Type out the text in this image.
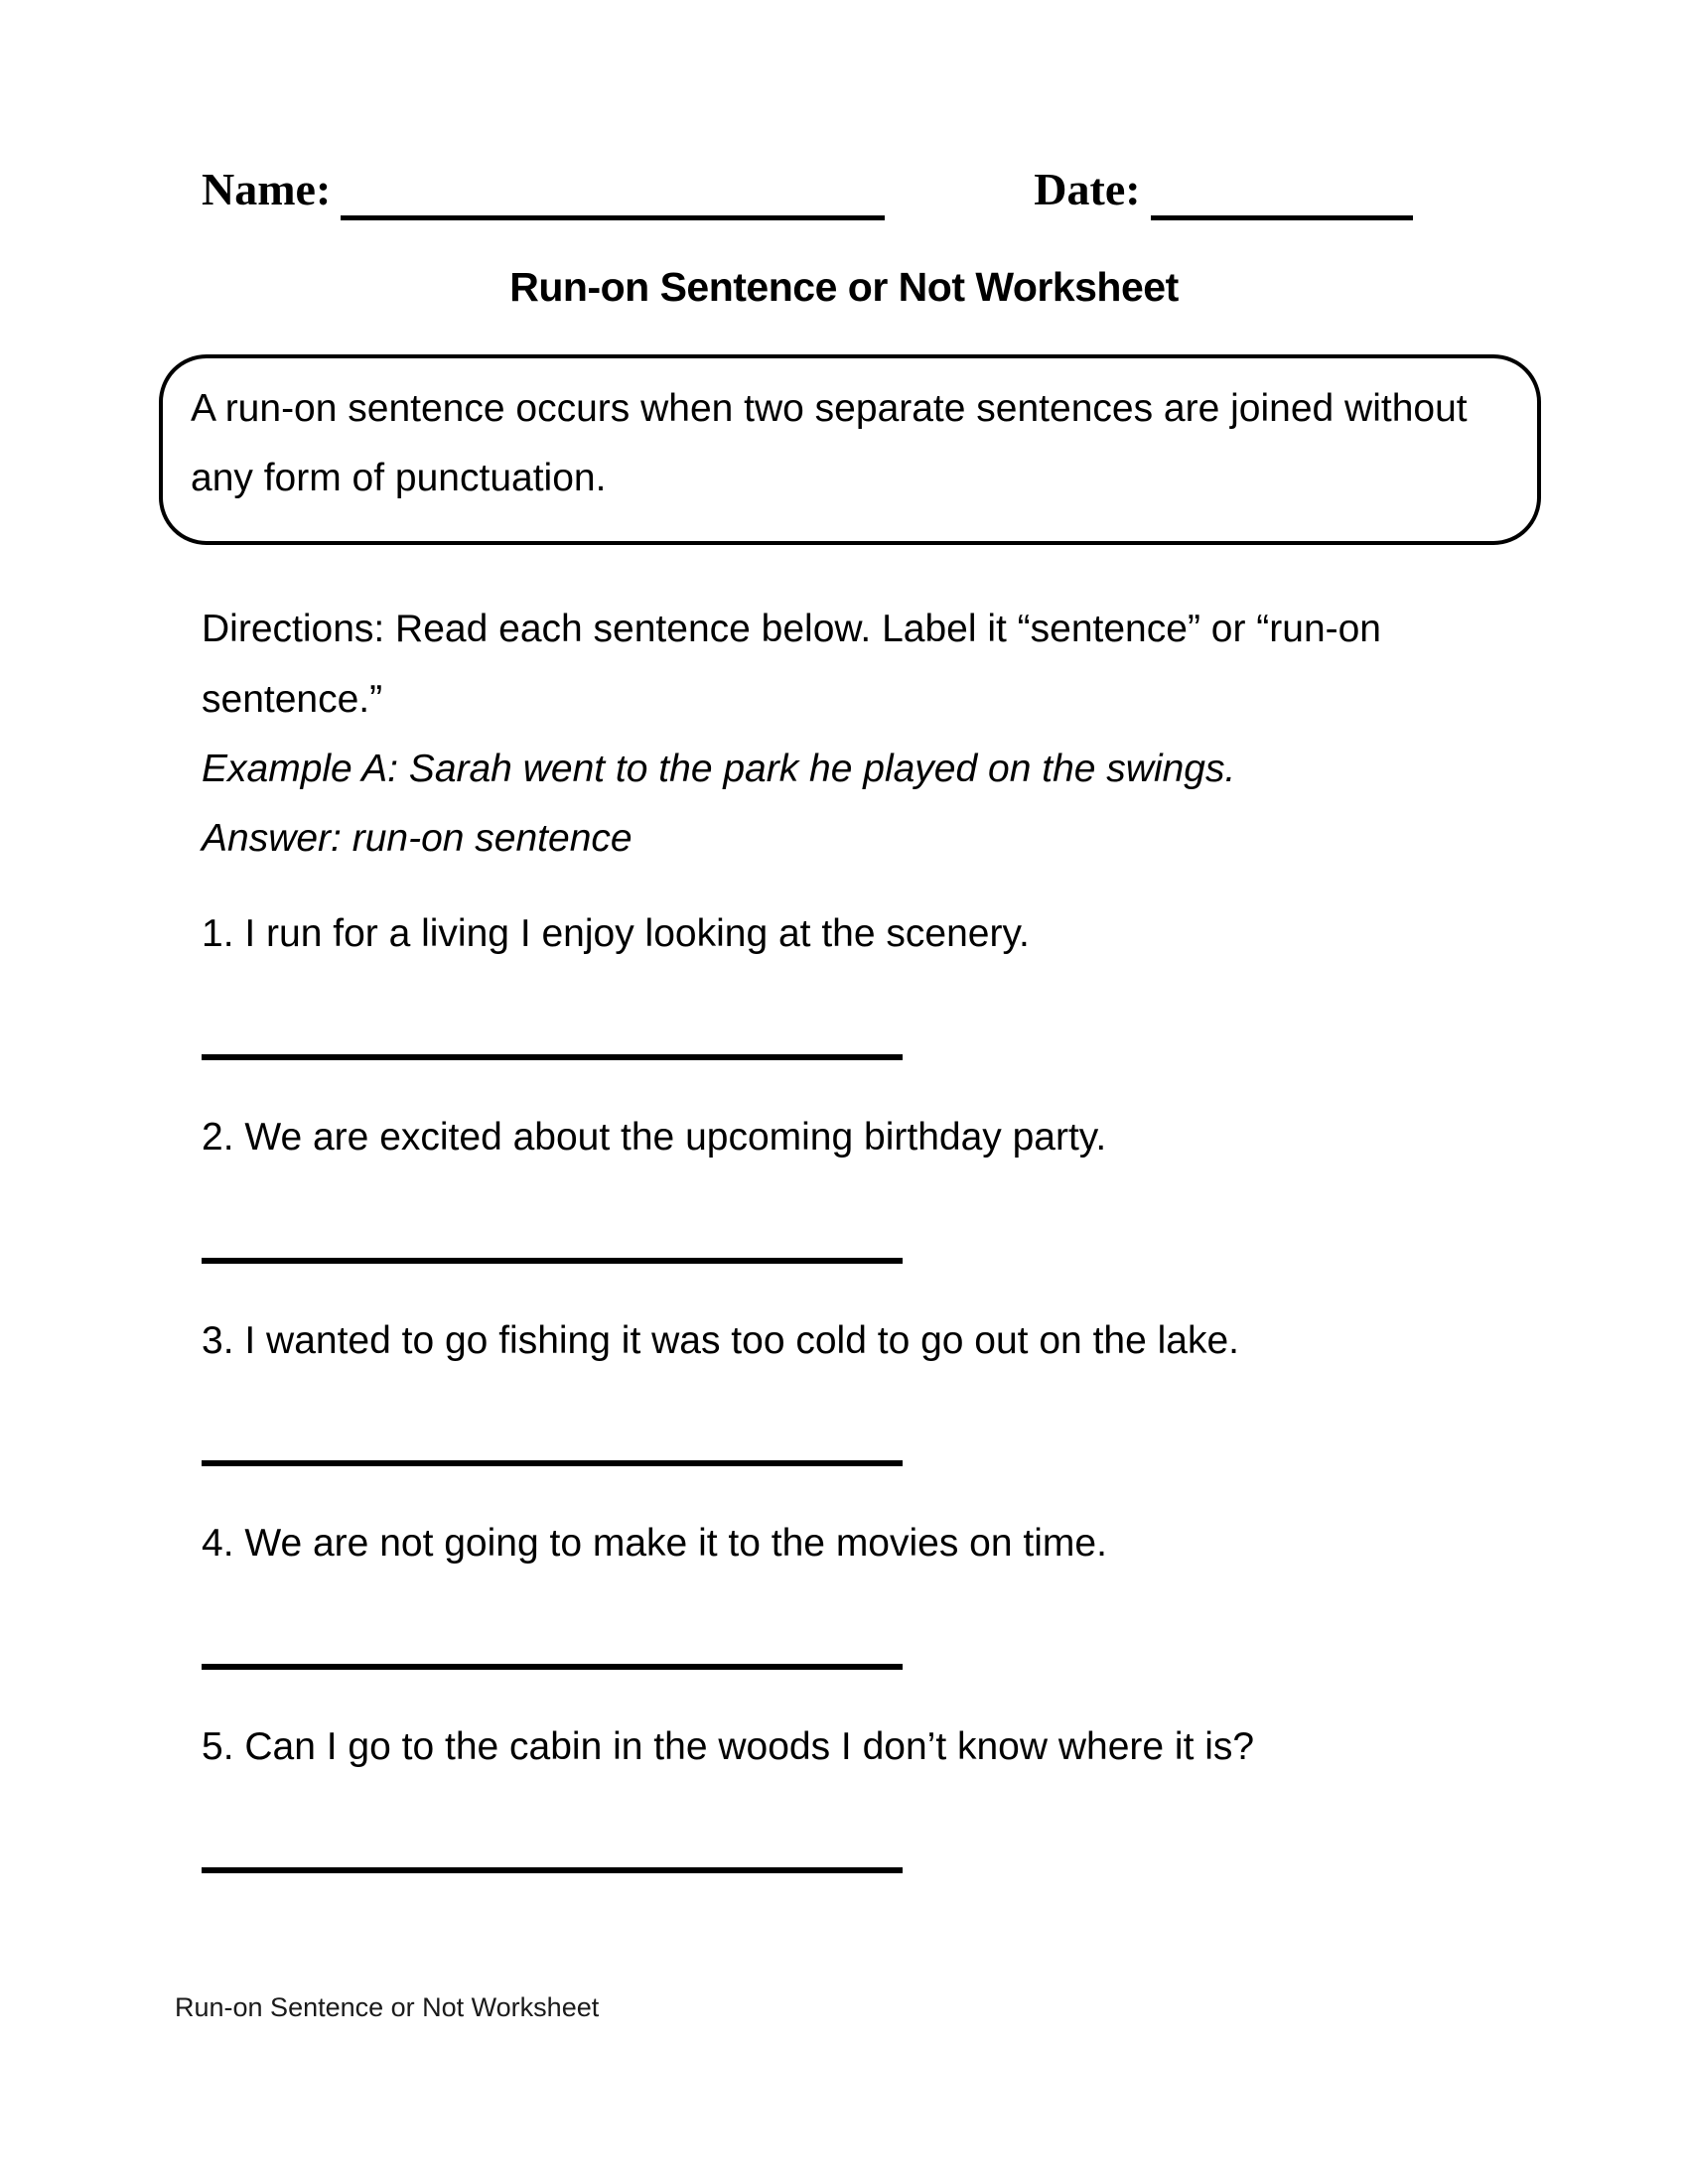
Name:	Date:
Run-on Sentence or Not Worksheet
A run-on sentence occurs when two separate sentences are joined without any form of punctuation.

Directions: Read each sentence below. Label it “sentence” or “run-on sentence.”

Example A: Sarah went to the park he played on the swings.

Answer: run-on sentence

1. I run for a living I enjoy looking at the scenery.
2. We are excited about the upcoming birthday party.
3. I wanted to go fishing it was too cold to go out on the lake.
4. We are not going to make it to the movies on time.
5. Can I go to the cabin in the woods I don’t know where it is?
Run-on Sentence or Not Worksheet
